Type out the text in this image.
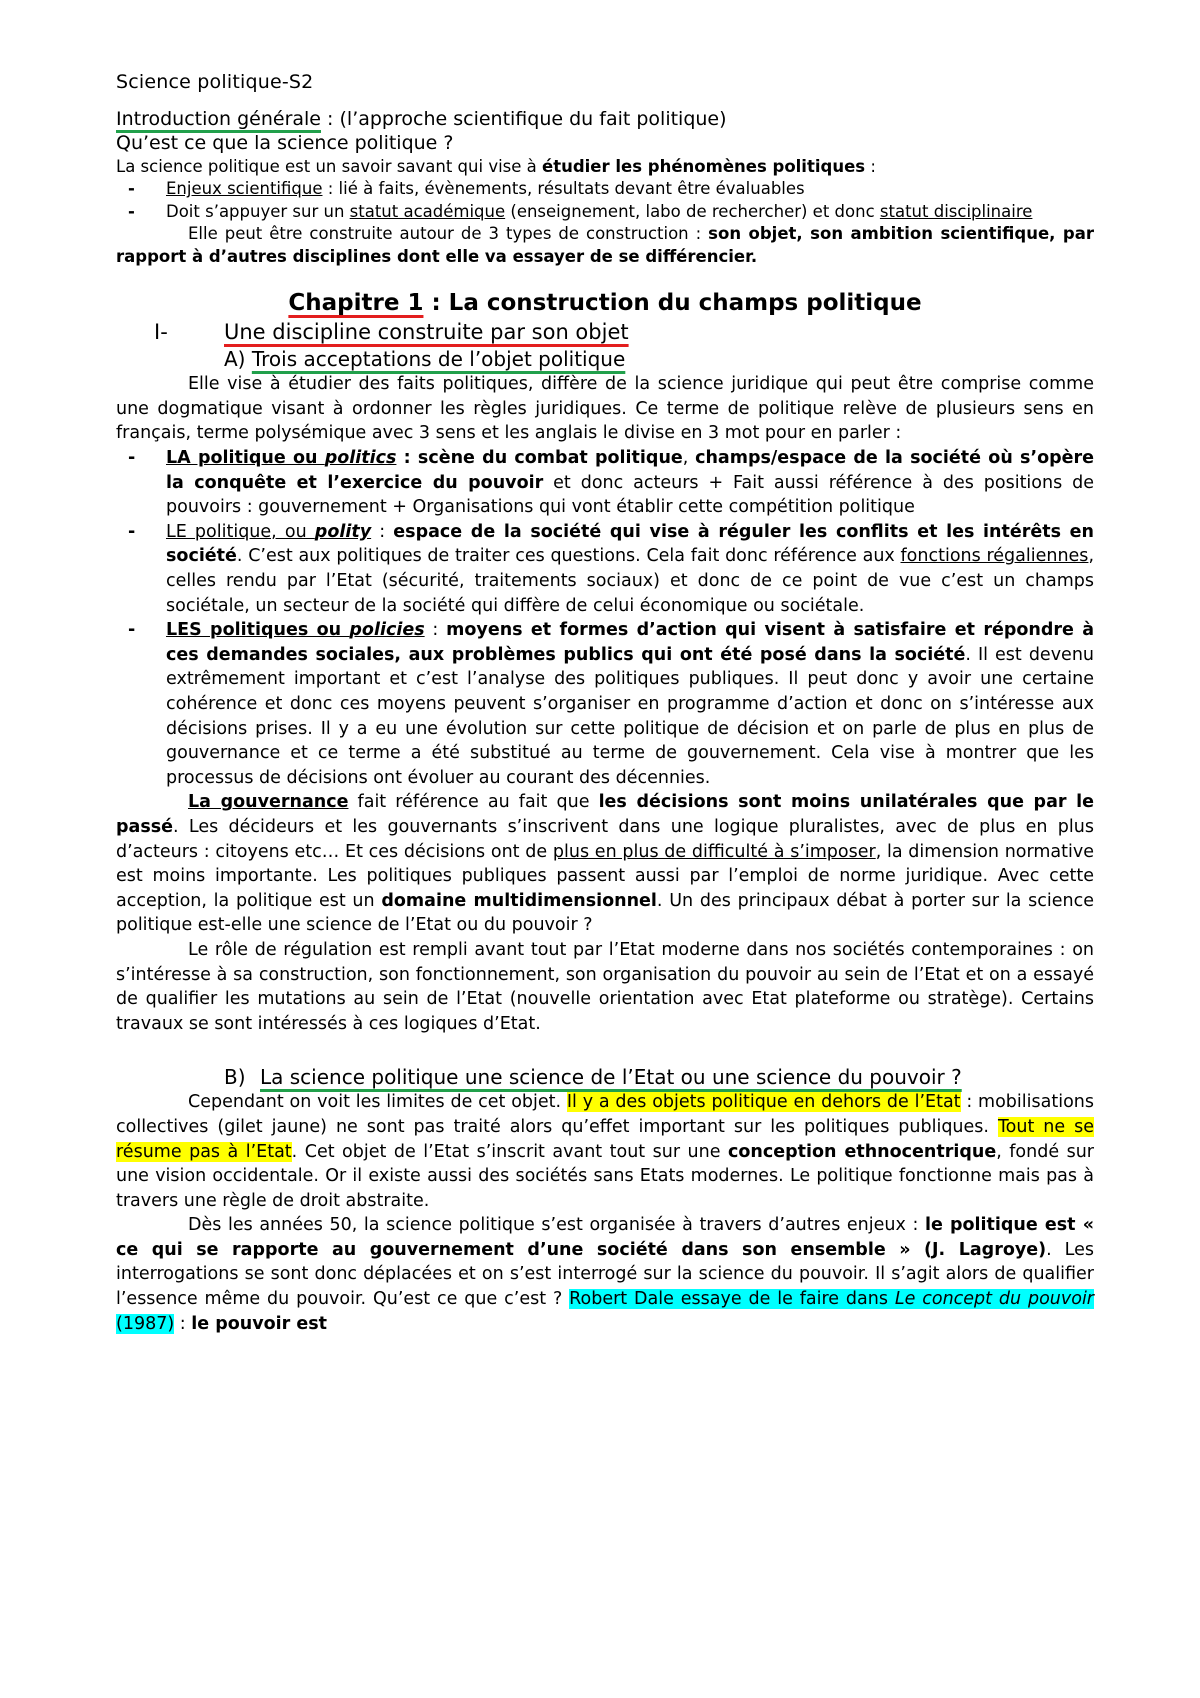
Science politique-S2

Introduction générale : (l’approche scientifique du fait politique)

Qu’est ce que la science politique ?

La science politique est un savoir savant qui vise à étudier les phénomènes politiques :

- Enjeux scientifique : lié à faits, évènements, résultats devant être évaluables
- Doit s’appuyer sur un statut académique (enseignement, labo de rechercher) et donc statut disciplinaire

Elle peut être construite autour de 3 types de construction : son objet, son ambition scientifique, par rapport à d’autres disciplines dont elle va essayer de se différencier.

Chapitre 1 : La construction du champs politique

I-	Une discipline construite par son objet

A) Trois acceptations de l’objet politique

Elle vise à étudier des faits politiques, diffère de la science juridique qui peut être comprise comme une dogmatique visant à ordonner les règles juridiques. Ce terme de politique relève de plusieurs sens en français, terme polysémique avec 3 sens et les anglais le divise en 3 mot pour en parler :

- LA politique ou politics : scène du combat politique, champs/espace de la société où s’opère la conquête et l’exercice du pouvoir et donc acteurs + Fait aussi référence à des positions de pouvoirs : gouvernement + Organisations qui vont établir cette compétition politique
- LE politique, ou polity : espace de la société qui vise à réguler les conflits et les intérêts en société. C’est aux politiques de traiter ces questions. Cela fait donc référence aux fonctions régaliennes, celles rendu par l’Etat (sécurité, traitements sociaux) et donc de ce point de vue c’est un champs sociétale, un secteur de la société qui diffère de celui économique ou sociétale.
- LES politiques ou policies : moyens et formes d’action qui visent à satisfaire et répondre à ces demandes sociales, aux problèmes publics qui ont été posé dans la société. Il est devenu extrêmement important et c’est l’analyse des politiques publiques. Il peut donc y avoir une certaine cohérence et donc ces moyens peuvent s’organiser en programme d’action et donc on s’intéresse aux décisions prises. Il y a eu une évolution sur cette politique de décision et on parle de plus en plus de gouvernance et ce terme a été substitué au terme de gouvernement. Cela vise à montrer que les processus de décisions ont évoluer au courant des décennies.

La gouvernance fait référence au fait que les décisions sont moins unilatérales que par le passé. Les décideurs et les gouvernants s’inscrivent dans une logique pluralistes, avec de plus en plus d’acteurs : citoyens etc… Et ces décisions ont de plus en plus de difficulté à s’imposer, la dimension normative est moins importante. Les politiques publiques passent aussi par l’emploi de norme juridique. Avec cette acception, la politique est un domaine multidimensionnel. Un des principaux débat à porter sur la science politique est-elle une science de l’Etat ou du pouvoir ?

Le rôle de régulation est rempli avant tout par l’Etat moderne dans nos sociétés contemporaines : on s’intéresse à sa construction, son fonctionnement, son organisation du pouvoir au sein de l’Etat et on a essayé de qualifier les mutations au sein de l’Etat (nouvelle orientation avec Etat plateforme ou stratège). Certains travaux se sont intéressés à ces logiques d’Etat.

B) La science politique une science de l’Etat ou une science du pouvoir ?

Cependant on voit les limites de cet objet. Il y a des objets politique en dehors de l’Etat : mobilisations collectives (gilet jaune) ne sont pas traité alors qu’effet important sur les politiques publiques. Tout ne se résume pas à l’Etat. Cet objet de l’Etat s’inscrit avant tout sur une conception ethnocentrique, fondé sur une vision occidentale. Or il existe aussi des sociétés sans Etats modernes. Le politique fonctionne mais pas à travers une règle de droit abstraite.

Dès les années 50, la science politique s’est organisée à travers d’autres enjeux : le politique est « ce qui se rapporte au gouvernement d’une société dans son ensemble » (J. Lagroye). Les interrogations se sont donc déplacées et on s’est interrogé sur la science du pouvoir. Il s’agit alors de qualifier l’essence même du pouvoir. Qu’est ce que c’est ? Robert Dale essaye de le faire dans Le concept du pouvoir (1987) : le pouvoir est
